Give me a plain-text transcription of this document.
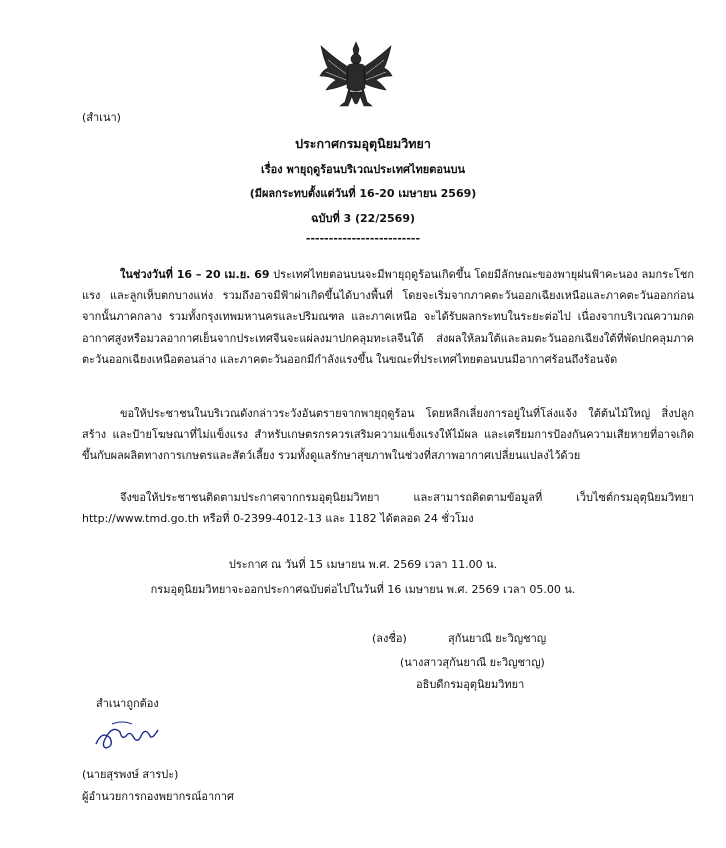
(สำเนา)
ประกาศกรมอุตุนิยมวิทยา
เรื่อง พายุฤดูร้อนบริเวณประเทศไทยตอนบน
(มีผลกระทบตั้งแต่วันที่ 16-20 เมษายน 2569)
ฉบับที่ 3 (22/2569)
-------------------------

ในช่วงวันที่ 16 – 20 เม.ย. 69 ประเทศไทยตอนบนจะมีพายุฤดูร้อนเกิดขึ้น โดยมีลักษณะของพายุฝนฟ้าคะนอง ลมกระโชกแรง และลูกเห็บตกบางแห่ง รวมถึงอาจมีฟ้าผ่าเกิดขึ้นได้บางพื้นที่ โดยจะเริ่มจากภาคตะวันออกเฉียงเหนือและภาคตะวันออกก่อน จากนั้นภาคกลาง รวมทั้งกรุงเทพมหานครและปริมณฑล และภาคเหนือ จะได้รับผลกระทบในระยะต่อไป เนื่องจากบริเวณความกดอากาศสูงหรือมวลอากาศเย็นจากประเทศจีนจะแผ่ลงมาปกคลุมทะเลจีนใต้ ส่งผลให้ลมใต้และลมตะวันออกเฉียงใต้ที่พัดปกคลุมภาคตะวันออกเฉียงเหนือตอนล่าง และภาคตะวันออกมีกำลังแรงขึ้น ในขณะที่ประเทศไทยตอนบนมีอากาศร้อนถึงร้อนจัด

ขอให้ประชาชนในบริเวณดังกล่าวระวังอันตรายจากพายุฤดูร้อน โดยหลีกเลี่ยงการอยู่ในที่โล่งแจ้ง ใต้ต้นไม้ใหญ่ สิ่งปลูกสร้าง และป้ายโฆษณาที่ไม่แข็งแรง สำหรับเกษตรกรควรเสริมความแข็งแรงให้ไม้ผล และเตรียมการป้องกันความเสียหายที่อาจเกิดขึ้นกับผลผลิตทางการเกษตรและสัตว์เลี้ยง รวมทั้งดูแลรักษาสุขภาพในช่วงที่สภาพอากาศเปลี่ยนแปลงไว้ด้วย

จึงขอให้ประชาชนติดตามประกาศจากกรมอุตุนิยมวิทยา และสามารถติดตามข้อมูลที่ เว็บไซต์กรมอุตุนิยมวิทยา http://www.tmd.go.th หรือที่ 0-2399-4012-13 และ 1182 ได้ตลอด 24 ชั่วโมง

ประกาศ ณ วันที่ 15 เมษายน พ.ศ. 2569 เวลา 11.00 น.
กรมอุตุนิยมวิทยาจะออกประกาศฉบับต่อไปในวันที่ 16 เมษายน พ.ศ. 2569 เวลา 05.00 น.
(ลงชื่อ)	สุกันยาณี ยะวิญชาญ
(นางสาวสุกันยาณี ยะวิญชาญ)
อธิบดีกรมอุตุนิยมวิทยา
สำเนาถูกต้อง
(นายสุรพงษ์ สารปะ)
ผู้อำนวยการกองพยากรณ์อากาศ
